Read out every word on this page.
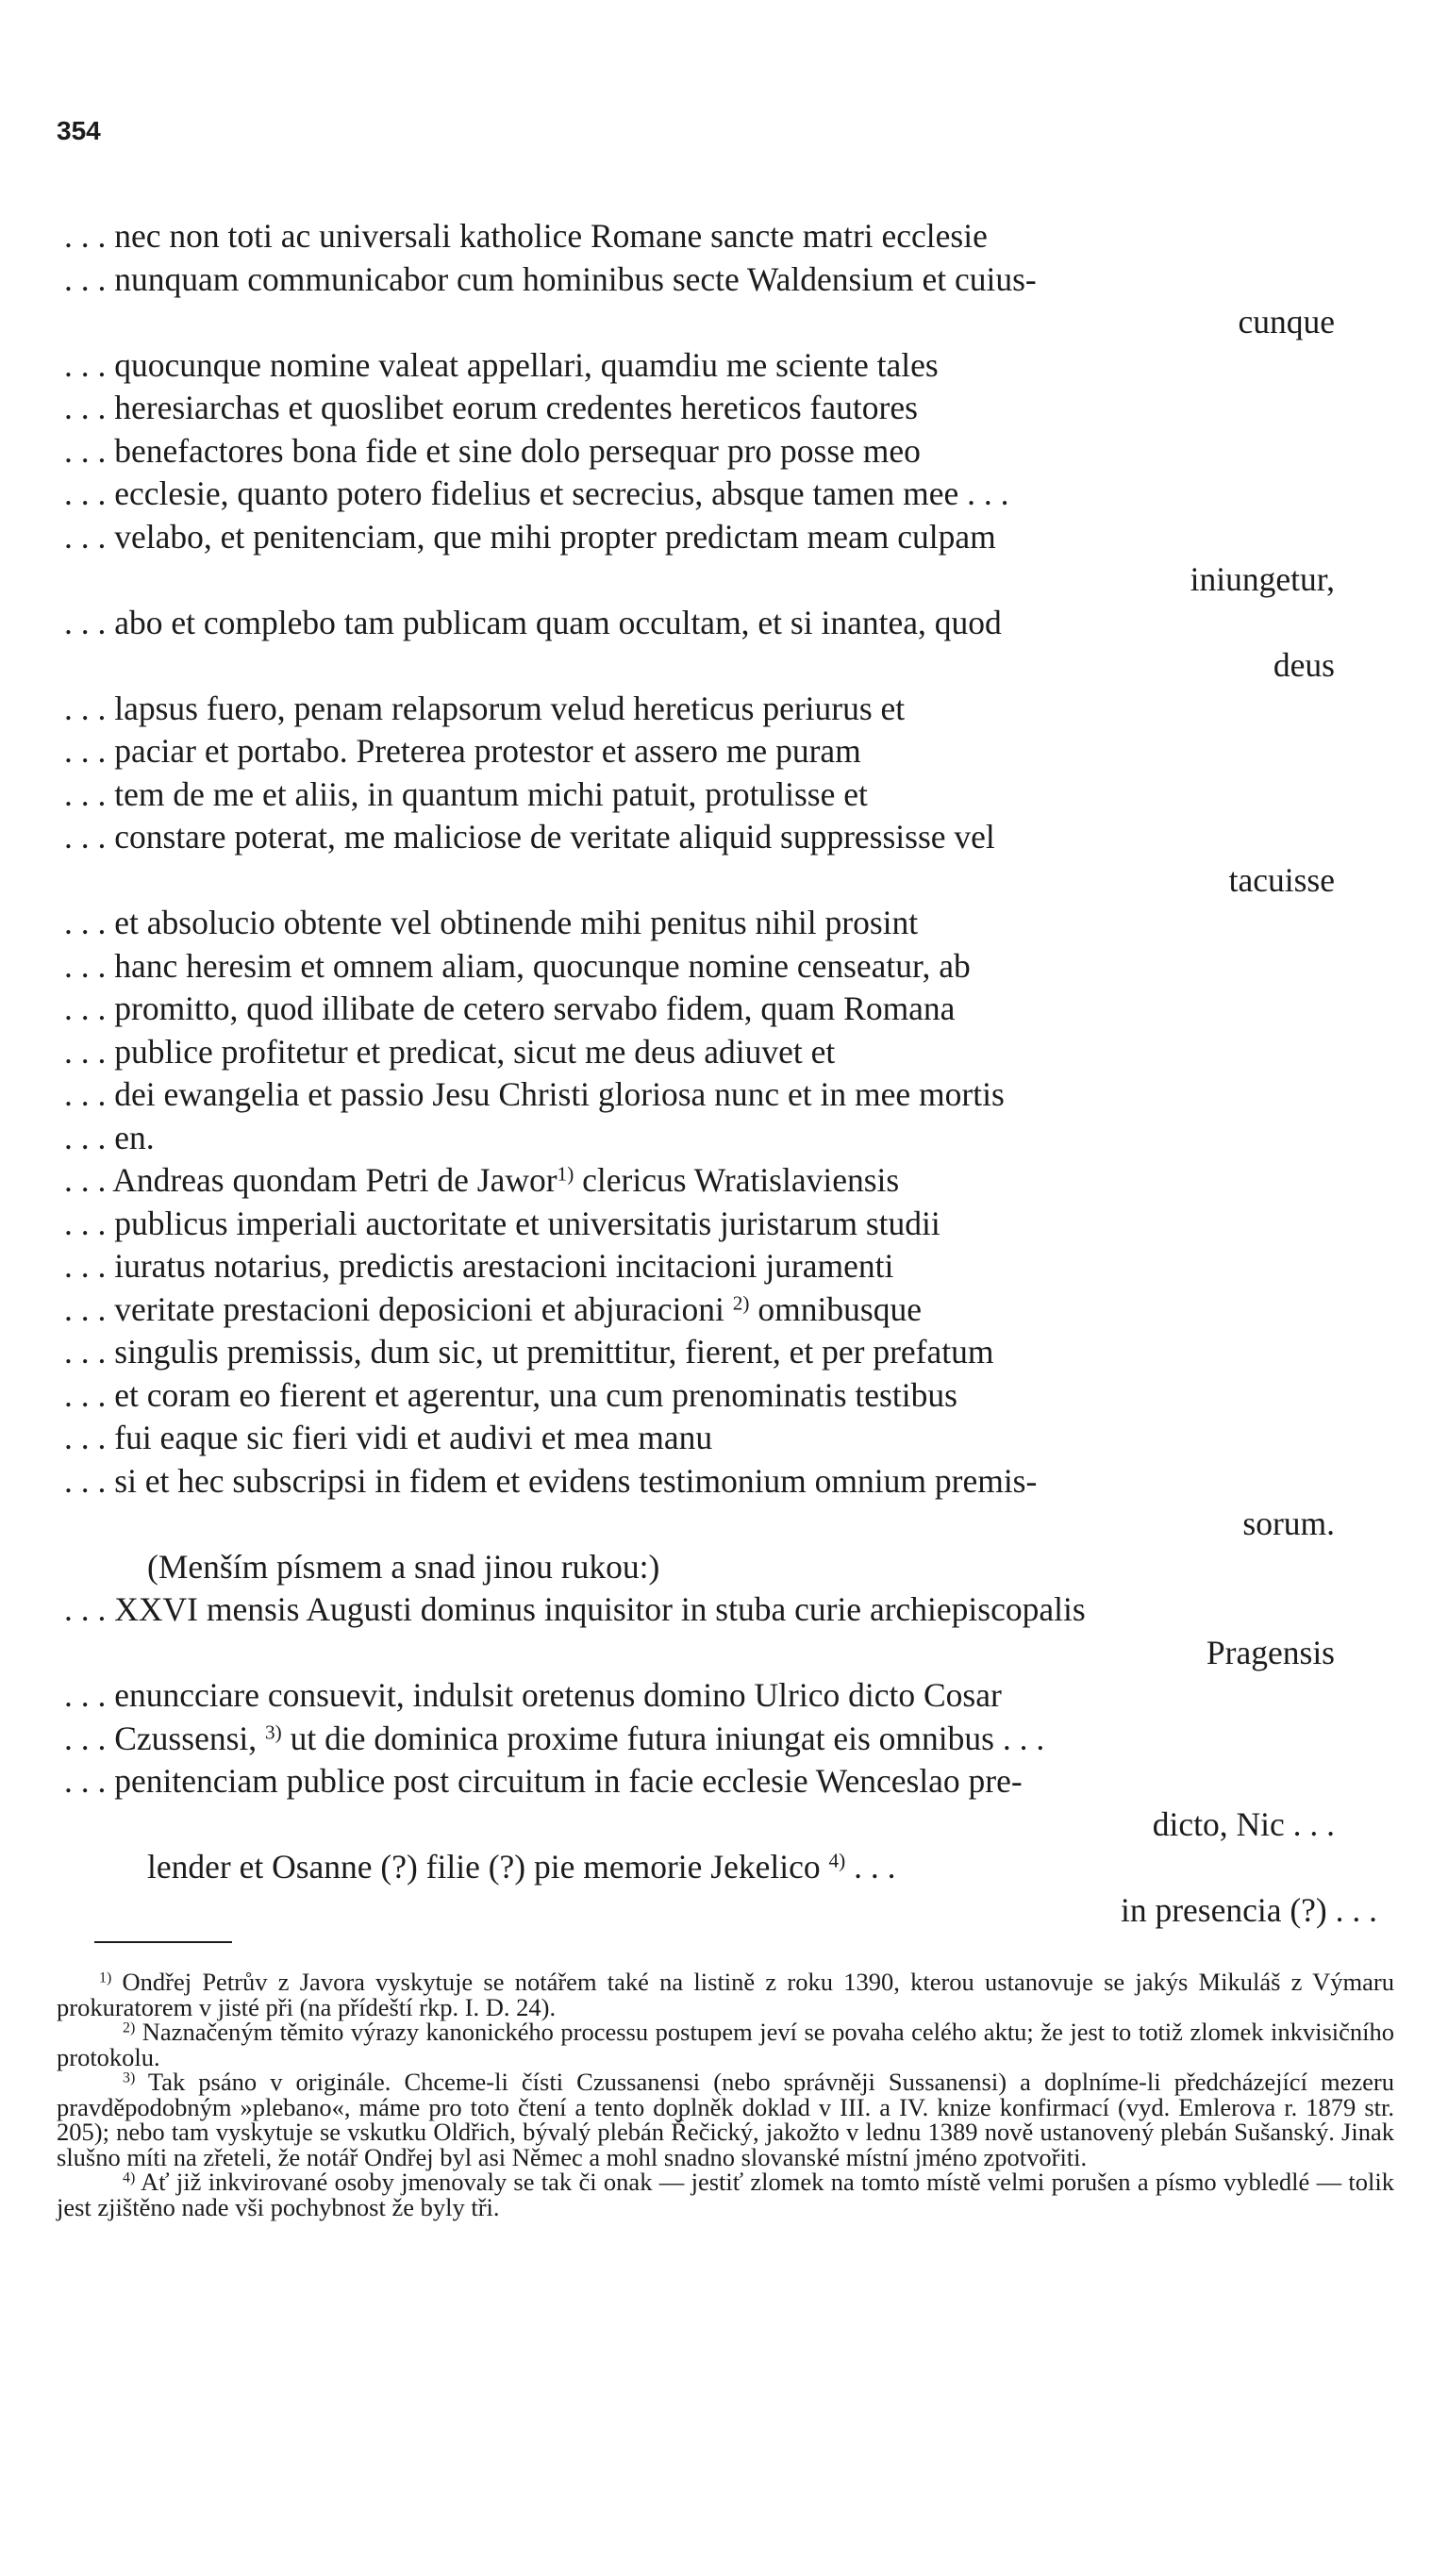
354
. . . nec non toti ac universali katholice Romane sancte matri ecclesie
. . . nunquam communicabor cum hominibus secte Waldensium et cuius-
cunque
. . . quocunque nomine valeat appellari, quamdiu me sciente tales
. . . heresiarchas et quoslibet eorum credentes hereticos fautores
. . . benefactores bona fide et sine dolo persequar pro posse meo
. . . ecclesie, quanto potero fidelius et secrecius, absque tamen mee . . .
. . . velabo, et penitenciam, que mihi propter predictam meam culpam
iniungetur,
. . . abo et complebo tam publicam quam occultam, et si inantea, quod
deus
. . . lapsus fuero, penam relapsorum velud hereticus periurus et
. . . paciar et portabo. Preterea protestor et assero me puram
. . . tem de me et aliis, in quantum michi patuit, protulisse et
. . . constare poterat, me maliciose de veritate aliquid suppressisse vel
tacuisse
. . . et absolucio obtente vel obtinende mihi penitus nihil prosint
. . . hanc heresim et omnem aliam, quocunque nomine censeatur, ab
. . . promitto, quod illibate de cetero servabo fidem, quam Romana
. . . publice profitetur et predicat, sicut me deus adiuvet et
. . . dei ewangelia et passio Jesu Christi gloriosa nunc et in mee mortis
. . . en.
. . . Andreas quondam Petri de Jawor$^{1)}$ clericus Wratislaviensis
. . . publicus imperiali auctoritate et universitatis juristarum studii
. . . iuratus notarius, predictis arestacioni incitacioni juramenti
. . . veritate prestacioni deposicioni et abjuracioni $^{2)}$ omnibusque
. . . singulis premissis, dum sic, ut premittitur, fierent, et per prefatum
. . . et coram eo fierent et agerentur, una cum prenominatis testibus
. . . fui eaque sic fieri vidi et audivi et mea manu
. . . si et hec subscripsi in fidem et evidens testimonium omnium premis-
sorum.
(Menším písmem a snad jinou rukou:)
. . . XXVI mensis Augusti dominus inquisitor in stuba curie archiepiscopalis
Pragensis
. . . enuncciare consuevit, indulsit oretenus domino Ulrico dicto Cosar
. . . Czussensi, $^{3)}$ ut die dominica proxime futura iniungat eis omnibus . . .
. . . penitenciam publice post circuitum in facie ecclesie Wenceslao pre-
dicto, Nic . . .
lender et Osanne (?) filie (?) pie memorie Jekelico $^{4)}$ . . .
in presencia (?) . . .

$^{1)}$ Ondřej Petrův z Javora vyskytuje se notářem také na listině z roku 1390, kterou ustanovuje se jakýs Mikuláš z Výmaru prokuratorem v jisté při (na přídeští rkp. I. D. 24).

$^{2)}$ Naznačeným těmito výrazy kanonického processu postupem jeví se povaha celého aktu; že jest to totiž zlomek inkvisičního protokolu.

$^{3)}$ Tak psáno v originále. Chceme-li čísti Czussanensi (nebo správněji Sussanensi) a doplníme-li předcházející mezeru pravděpodobným »plebano«, máme pro toto čtení a tento doplněk doklad v III. a IV. knize konfirmací (vyd. Emlerova r. 1879 str. 205); nebo tam vyskytuje se vskutku Oldřich, bývalý plebán Řečický, jakožto v lednu 1389 nově ustanovený plebán Sušanský. Jinak slušno míti na zřeteli, že notář Ondřej byl asi Němec a mohl snadno slovanské místní jméno zpotvořiti.

$^{4)}$ Ať již inkvirované osoby jmenovaly se tak či onak — jestiť zlomek na tomto místě velmi porušen a písmo vybledlé — tolik jest zjištěno nade vši pochybnost že byly tři.
